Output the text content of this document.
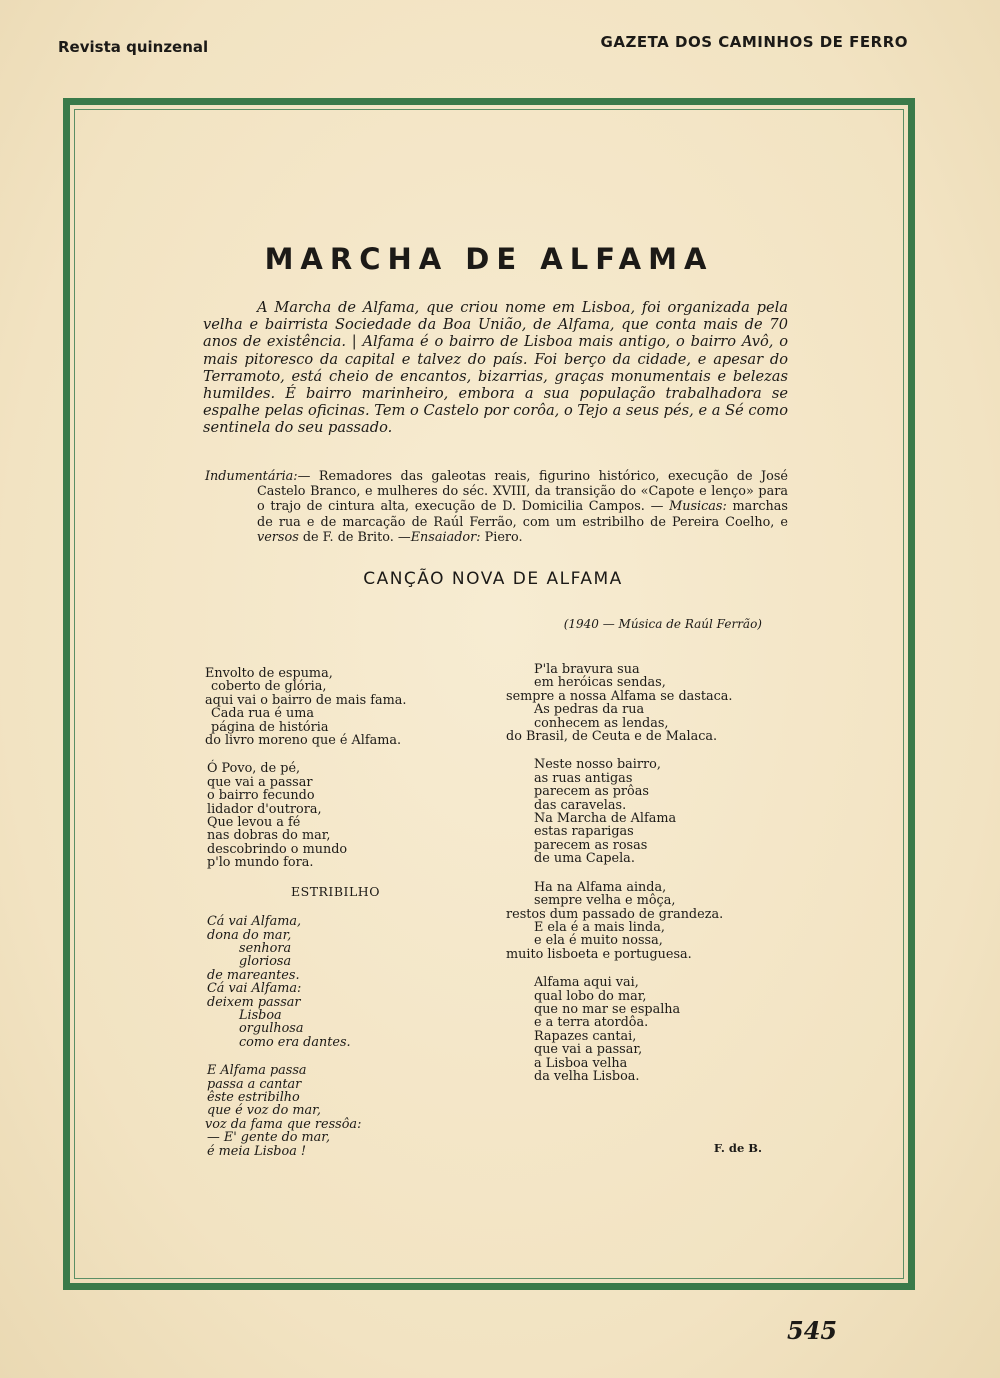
Revista quinzenal	GAZETA DOS CAMINHOS DE FERRO
MARCHA DE ALFAMA
A Marcha de Alfama, que criou nome em Lisboa, foi organizada pela velha e bairrista Sociedade da Boa União, de Alfama, que conta mais de 70 anos de existência. | Alfama é o bairro de Lisboa mais antigo, o bairro Avô, o mais pitoresco da capital e talvez do país. Foi berço da cidade, e apesar do Terramoto, está cheio de encantos, bizarrias, graças monumentais e belezas humildes. É bairro marinheiro, embora a sua população trabalhadora se espalhe pelas oficinas. Tem o Castelo por corôa, o Tejo a seus pés, e a Sé como sentinela do seu passado.
Indumentária:— Remadores das galeotas reais, figurino histórico, execução de José Castelo Branco, e mulheres do séc. XVIII, da transição do «Capote e lenço» para o trajo de cintura alta, execução de D. Domicilia Campos. — Musicas: marchas de rua e de marcação de Raúl Ferrão, com um estribilho de Pereira Coelho, e versos de F. de Brito. —Ensaiador: Piero.
CANÇÃO NOVA DE ALFAMA
(1940 — Música de Raúl Ferrão)
Envolto de espuma,
coberto de glória,
aqui vai o bairro de mais fama.
Cada rua é uma
página de história
do livro moreno que é Alfama.
Ó Povo, de pé,
que vai a passar
o bairro fecundo
lidador d'outrora,
Que levou a fé
nas dobras do mar,
descobrindo o mundo
p'lo mundo fora.
ESTRIBILHO
Cá vai Alfama,
dona do mar,
senhora
gloriosa
de mareantes.
Cá vai Alfama:
deixem passar
Lisboa
orgulhosa
como era dantes.
E Alfama passa
passa a cantar
êste estribilho
que é voz do mar,
voz da fama que ressôa:
— E' gente do mar,
é meia Lisboa !
P'la bravura sua
em heróicas sendas,
sempre a nossa Alfama se dastaca.
As pedras da rua
conhecem as lendas,
do Brasil, de Ceuta e de Malaca.
Neste nosso bairro,
as ruas antigas
parecem as prôas
das caravelas.
Na Marcha de Alfama
estas raparigas
parecem as rosas
de uma Capela.
Ha na Alfama ainda,
sempre velha e môça,
restos dum passado de grandeza.
E ela é a mais linda,
e ela é muito nossa,
muito lisboeta e portuguesa.
Alfama aqui vai,
qual lobo do mar,
que no mar se espalha
e a terra atordôa.
Rapazes cantai,
que vai a passar,
a Lisboa velha
da velha Lisboa.
F. de B.
545
